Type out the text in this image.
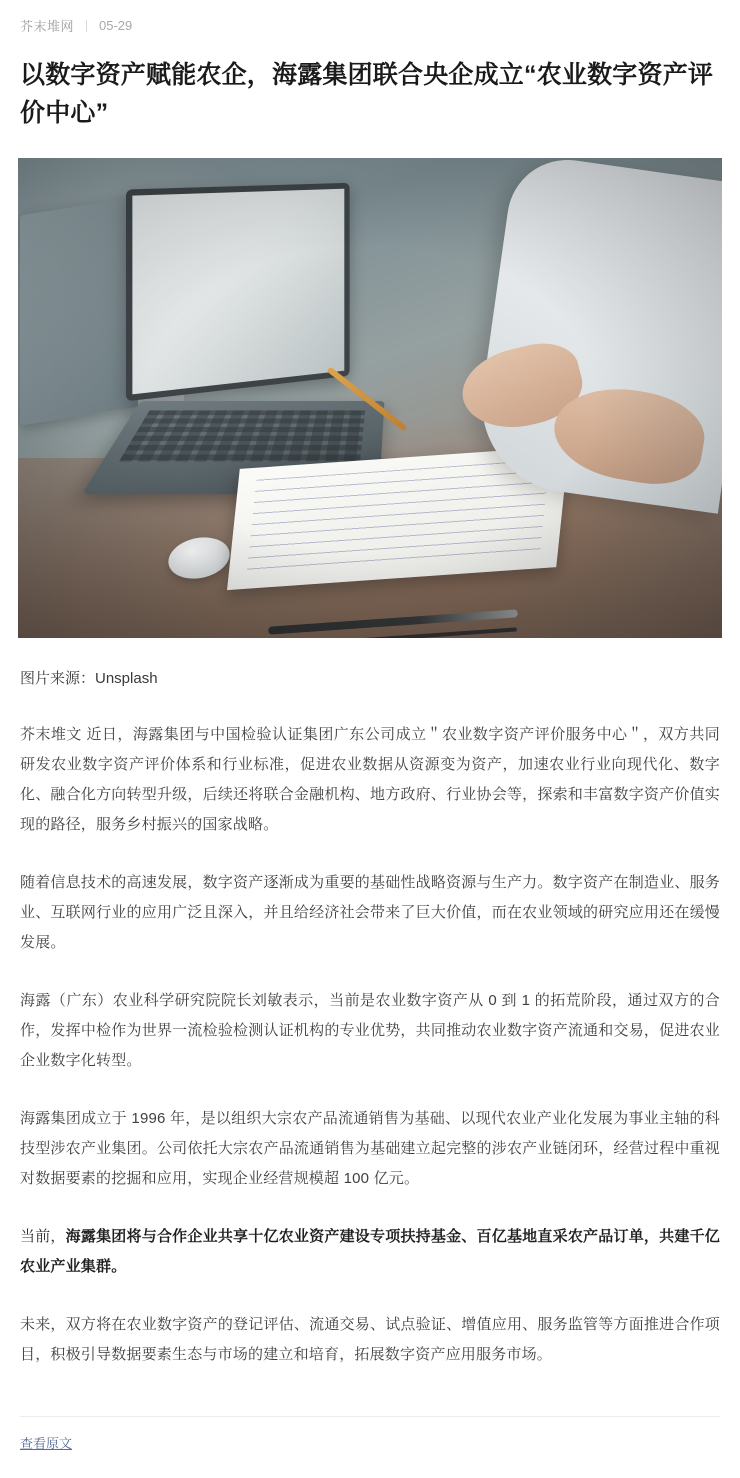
芥末堆网 05-29
以数字资产赋能农企，海露集团联合央企成立“农业数字资产评价中心”
图片来源：Unsplash

芥末堆文 近日，海露集团与中国检验认证集团广东公司成立＂农业数字资产评价服务中心＂，双方共同研发农业数字资产评价体系和行业标准，促进农业数据从资源变为资产，加速农业行业向现代化、数字化、融合化方向转型升级，后续还将联合金融机构、地方政府、行业协会等，探索和丰富数字资产价值实现的路径，服务乡村振兴的国家战略。

随着信息技术的高速发展，数字资产逐渐成为重要的基础性战略资源与生产力。数字资产在制造业、服务业、互联网行业的应用广泛且深入，并且给经济社会带来了巨大价值，而在农业领域的研究应用还在缓慢发展。

海露（广东）农业科学研究院院长刘敏表示，当前是农业数字资产从 0 到 1 的拓荒阶段，通过双方的合作，发挥中检作为世界一流检验检测认证机构的专业优势，共同推动农业数字资产流通和交易，促进农业企业数字化转型。

海露集团成立于 1996 年，是以组织大宗农产品流通销售为基础、以现代农业产业化发展为事业主轴的科技型涉农产业集团。公司依托大宗农产品流通销售为基础建立起完整的涉农产业链闭环，经营过程中重视对数据要素的挖掘和应用，实现企业经营规模超 100 亿元。

当前，海露集团将与合作企业共享十亿农业资产建设专项扶持基金、百亿基地直采农产品订单，共建千亿农业产业集群。

未来，双方将在农业数字资产的登记评估、流通交易、试点验证、增值应用、服务监管等方面推进合作项目，积极引导数据要素生态与市场的建立和培育，拓展数字资产应用服务市场。

查看原文
